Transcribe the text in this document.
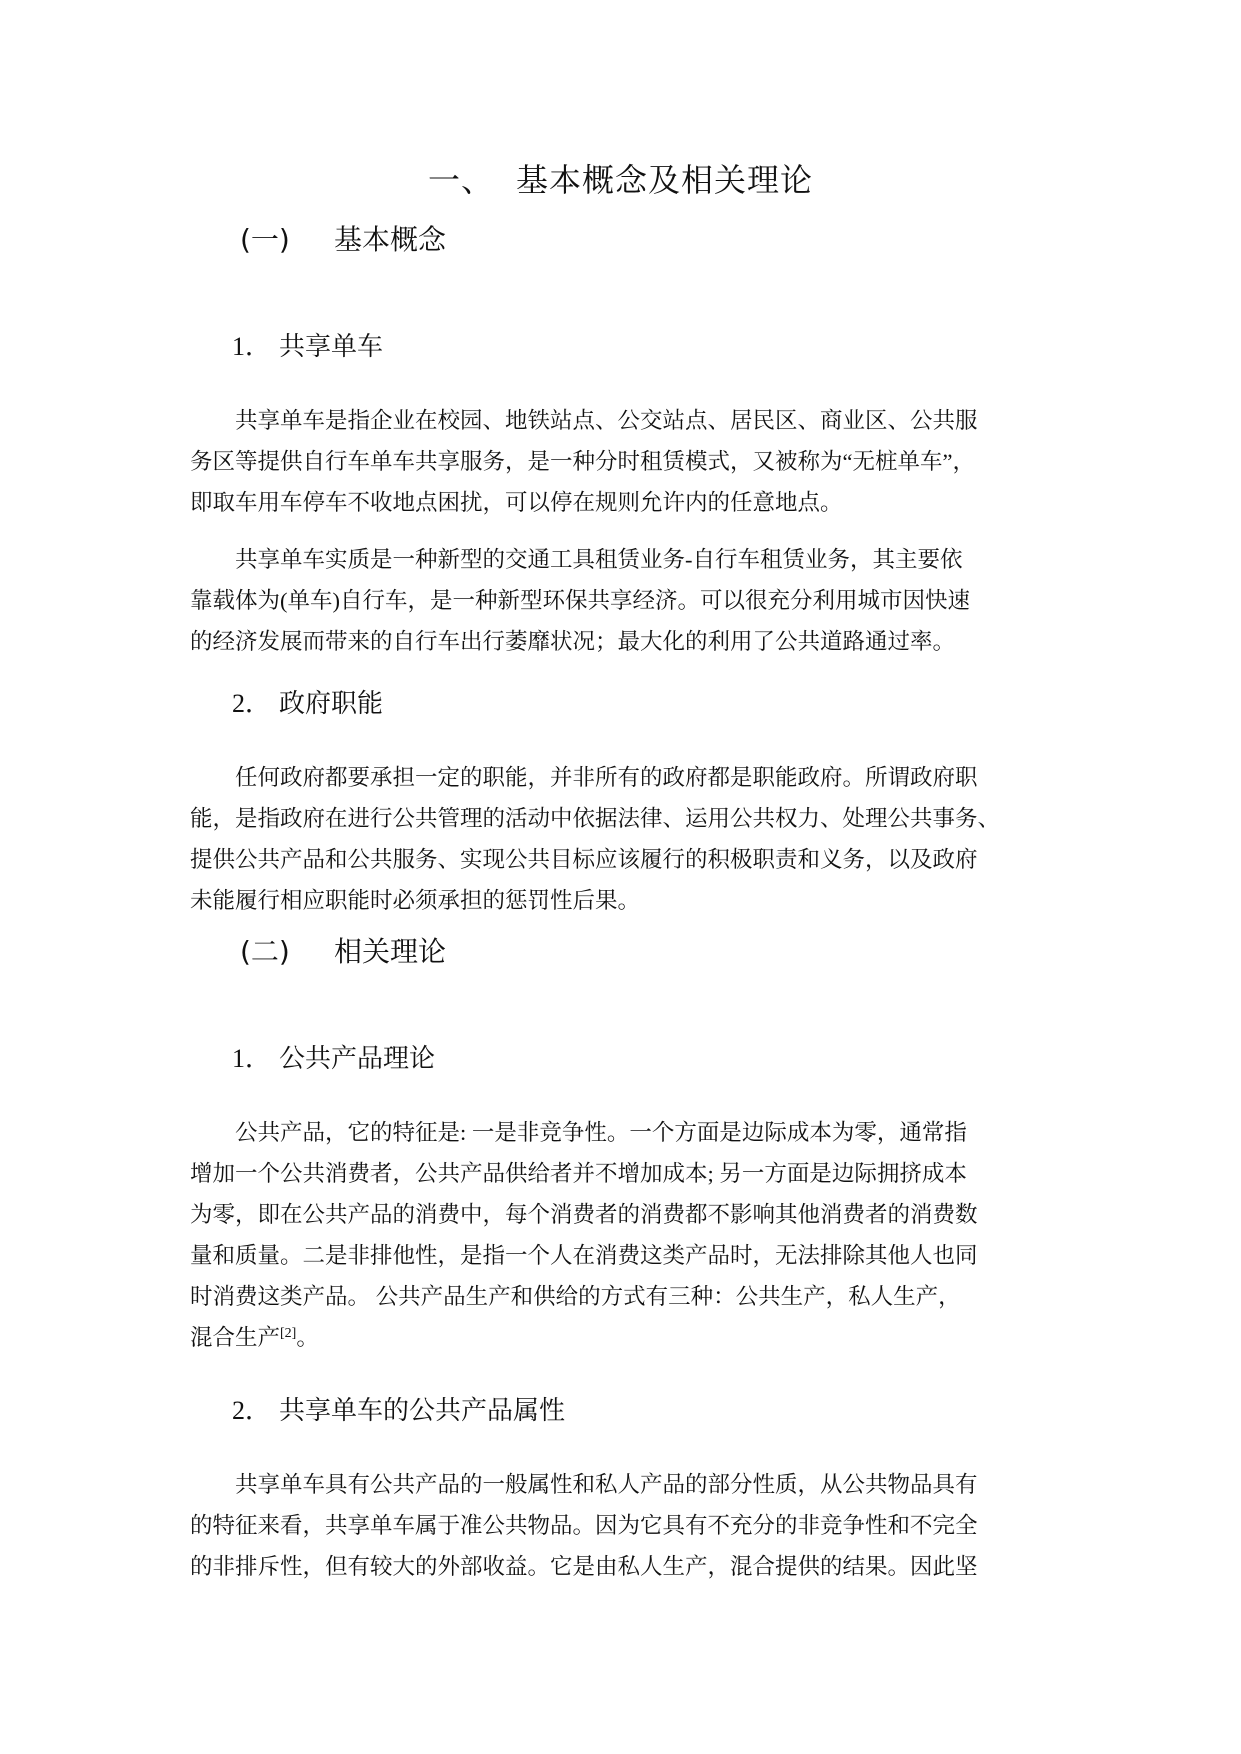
一、 基本概念及相关理论
(一) 基本概念
1． 共享单车

共享单车是指企业在校园、地铁站点、公交站点、居民区、商业区、公共服
务区等提供自行车单车共享服务，是一种分时租赁模式，又被称为“无桩单车”，
即取车用车停车不收地点困扰，可以停在规则允许内的任意地点。

共享单车实质是一种新型的交通工具租赁业务-自行车租赁业务，其主要依
靠载体为(单车)自行车，是一种新型环保共享经济。可以很充分利用城市因快速
的经济发展而带来的自行车出行萎靡状况；最大化的利用了公共道路通过率。

2． 政府职能

任何政府都要承担一定的职能，并非所有的政府都是职能政府。所谓政府职
能，是指政府在进行公共管理的活动中依据法律、运用公共权力、处理公共事务、
提供公共产品和公共服务、实现公共目标应该履行的积极职责和义务，以及政府
未能履行相应职能时必须承担的惩罚性后果。

(二) 相关理论
1． 公共产品理论

公共产品，它的特征是: 一是非竞争性。一个方面是边际成本为零，通常指
增加一个公共消费者，公共产品供给者并不增加成本; 另一方面是边际拥挤成本
为零，即在公共产品的消费中，每个消费者的消费都不影响其他消费者的消费数
量和质量。二是非排他性，是指一个人在消费这类产品时，无法排除其他人也同
时消费这类产品。 公共产品生产和供给的方式有三种：公共生产，私人生产，
混合生产[2]。

2． 共享单车的公共产品属性

共享单车具有公共产品的一般属性和私人产品的部分性质，从公共物品具有
的特征来看，共享单车属于准公共物品。因为它具有不充分的非竞争性和不完全
的非排斥性，但有较大的外部收益。它是由私人生产，混合提供的结果。因此坚
